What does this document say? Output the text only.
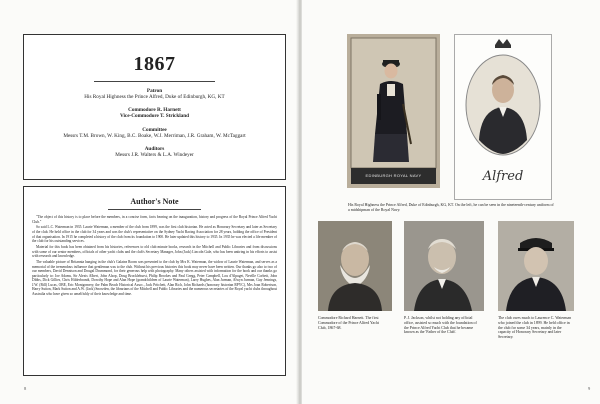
1867
Patron
His Royal Highness the Prince Alfred, Duke of Edinburgh, KG, KT
Commodore R. Harnett
Vice-Commodore T. Strickland
Committee
Messrs T.M. Brown, W. King, B.C. Boake, W.J. Merriman, J.R. Graham, W. McTaggart
Auditors
Messrs J.R. Walters & L.A. Windeyer
Author's Note

"The object of this history is to place before the members, in a concise form, facts bearing on the inauguration, history and progress of the Royal Prince Alfred Yacht Club."

So said L.C. Waterman in 1935. Laurie Waterman, a member of the club from 1899, was the first club historian. He acted as Honorary Secretary and later as Secretary of the club. He held office in the club for 34 years and was the club's representative on the Sydney Yacht Racing Association for 28 years, holding the office of President of that organisation. In 1915 he completed a history of the club from its foundation to 1900. He later updated this history to 1935. In 1935 he was elected a life member of the club for his outstanding services.

Material for this book has been obtained from his histories, references to old club minute books, research in the Mitchell and Public Libraries and from discussions with some of our senior members, officials of other yacht clubs and the club's Secretary Manager, John (Jack) Lincoln Gale, who has been untiring in his efforts to assist with research and knowledge.

The valuable picture of Britannia hanging in the club's Galatea Room was presented to the club by Mrs K. Waterman, the widow of Laurie Waterman, and serves as a memorial of the tremendous influence that gentleman was to the club. Without his previous histories this book may never have been written. Our thanks go also to two of our members, David Dennison and Dougal Drummond, for their generous help with photography. Many others assisted with information for the book and our thanks go particularly to: Joe Adams, Sir Alexis Albert, John Alsop, Doug Brocklehurst, Philip Brookes and Paul Gregg, Peter Campbell, Lou d'Alpuget, Neville Corbett, John Dibbs, Dick Gillies, Chris Hilderbrandt, Dorothy Hope and Alan Hope (grandchildren of Laurie Waterman), Larry Hughes, Alan Jurman, Alwyn Jurman, Guy Jennings, J.W. (Bill) Lucas, OBE, Eric Montgomery, the Palm Beach Historical Assoc., Jack Pritchett, Alan Rich, John Richards (honorary historian RPYC), Mrs Joan Robertson, Harry Sutton, Mark Sutton and A.W. (Jack) Snowden, the librarians of the Mitchell and Public Libraries and the numerous secretaries of the Royal yacht clubs throughout Australia who have given so unselfishly of their knowledge and time.

8
EDINBURGH ROYAL NAVY	Alfred
His Royal Highness the Prince Alfred, Duke of Edinburgh, KG, KT. On the left, he can be seen in the nineteenth-century uniform of a midshipman of the Royal Navy.
Commodore Richard Harnett. The first Commodore of the Prince Alfred Yacht Club, 1867-68.
P. J. Jackson, whilst not holding any official office, assisted so much with the foundation of the Prince Alfred Yacht Club that he became known as the 'Father of the Club'.
The club owes much to Laurence C. Waterman who joined the club in 1899. He held office in the club for some 34 years, mainly in the capacity of Honorary Secretary and later Secretary.
9
